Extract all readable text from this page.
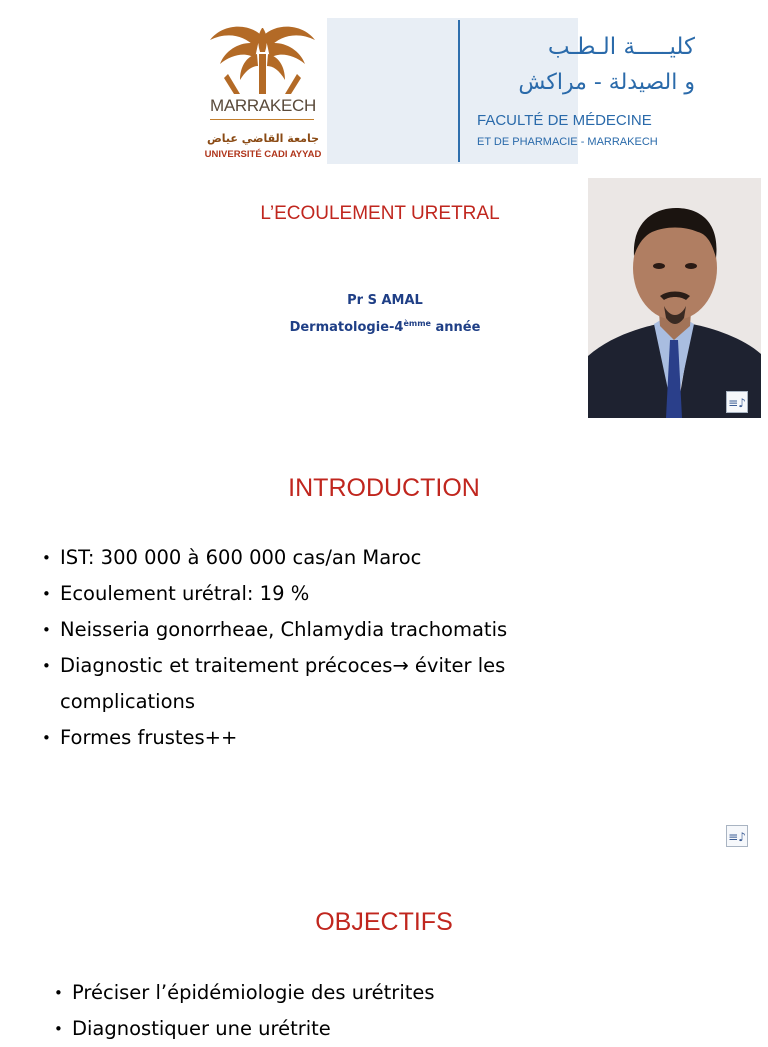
MARRAKECH
جامعة القاضي عياض
UNIVERSITÉ CADI AYYAD
كليـــــة الـطـب
و الصيدلة - مراكش
FACULTÉ DE MÉDECINE
ET DE PHARMACIE - MARRAKECH
L’ECOULEMENT URETRAL
Pr S AMAL
Dermatologie-$4^{èmme}$ année
≡♪
INTRODUCTION
• IST: 300 000 à 600 000 cas/an Maroc
• Ecoulement urétral: 19 %
• Neisseria gonorrheae, Chlamydia trachomatis
• Diagnostic et traitement précoces→ éviter les complications
• Formes frustes++
≡♪
OBJECTIFS
• Préciser l’épidémiologie des urétrites
• Diagnostiquer une urétrite
